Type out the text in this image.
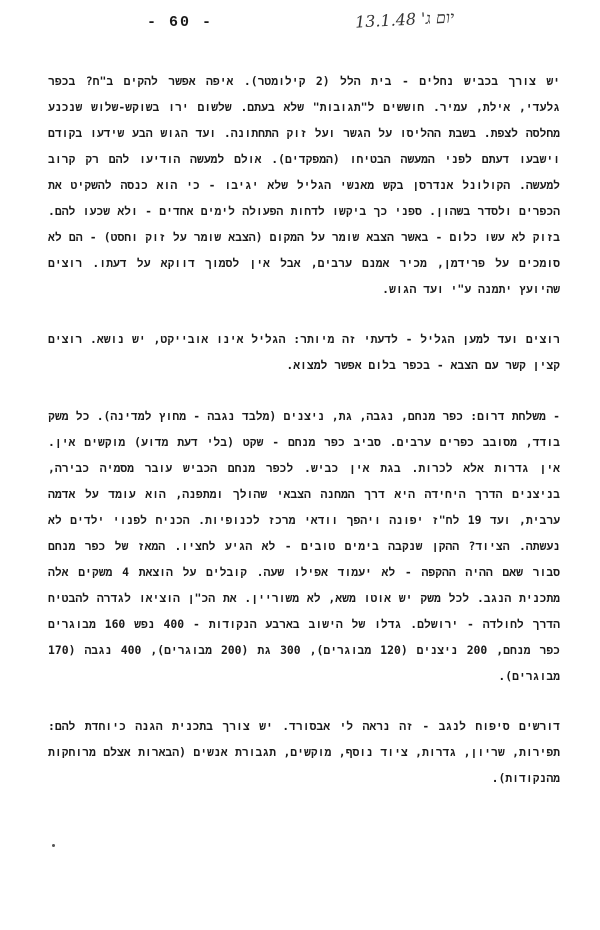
- 60 -	יום ג' 13.1.48

יש צורך בכביש נחלים - בית הלל (2 קילומטר). איפה אפשר להקים ב"ח? בכפר גלעדי, אילת, עמיר. חוששים ל"תגובות" שלא בעתם. שלשום ירו בשוקש-שלוש שנכנע מחלסה לצפת. בשבת ההליסו על הגשר ועל זוק התחתונה. ועד הגוש הבע שידעו בקודם וישבעו דעתם לפני המעשה הבטיחו (המפקדים). אולם למעשה הודיעו להם רק קרוב למעשה. הקולונל אנדרסן בקש מאנשי הגליל שלא יגיבו - כי הוא כנסה להשקיט את הכפרים ולסדר בשהון. ספני כך ביקשו לדחות הפעולה לימים אחדים - ולא שכעו להם. בזוק לא עשו כלום - באשר הצבא שומר על המקום (הצבא שומר על זוק וחסט) - הם לא סומכים על פרידמן, מכיר אמנם ערבים, אבל אין לסמוך דווקא על דעתו. רוצים שהיועץ יתמנה ע"י ועד הגוש.

רוצים ועד למען הגליל - לדעתי זה מיותר: הגליל אינו אובייקט, יש נושא. רוצים קצין קשר עם הצבא - בכפר בלום אפשר למצוא.

- משלחת דרום: כפר מנחם, נגבה, גת, ניצנים (מלבד נגבה - מחוץ למדינה). כל משק בודד, מסובב כפרים ערבים. סביב כפר מנחם - שקט (בלי דעת מדוע) מוקשים אין. אין גדרות אלא לכרות. בגת אין כביש. לכפר מנחם הכביש עובר מסמיה כבירה, בניצנים הדרך היחידה היא דרך המחנה הצבאי שהולך ומתפנה, הוא עומד על אדמה ערבית, ועד 19 לח"ז יפונה ויהפך וודאי מרכז לכנופיות. הכניח לפנוי ילדים לא נעשתה. הציוד? ההקן שנקבה בימים טובים - לא הגיע לחציו. המאז של כפר מנחם סבור שאם ההיה ההקפה - לא יעמוד אפילו שעה. קובלים על הוצאת 4 משקים אלה מתכנית הנגב. לכל משק יש אוטו משא, לא משוריין. את הכ"ן הוציאו לגדרה להבטיח הדרך לחולדה - ירושלם. גדלו של הישוב בארבע הנקודות - 400 נפש 160 מבוגרים כפר מנחם, 200 ניצנים (120 מבוגרים), 300 גת (200 מבוגרים), 400 נגבה (170 מבוגרים).

דורשים סיפוח לנגב - זה נראה לי אבסורד. יש צורך בתכנית הגנה כיוחדת להם: תפירות, שריון, גדרות, ציוד נוסף, מוקשים, תגבורת אנשים (הבארות אצלם מרוחקות מהנקודות).
